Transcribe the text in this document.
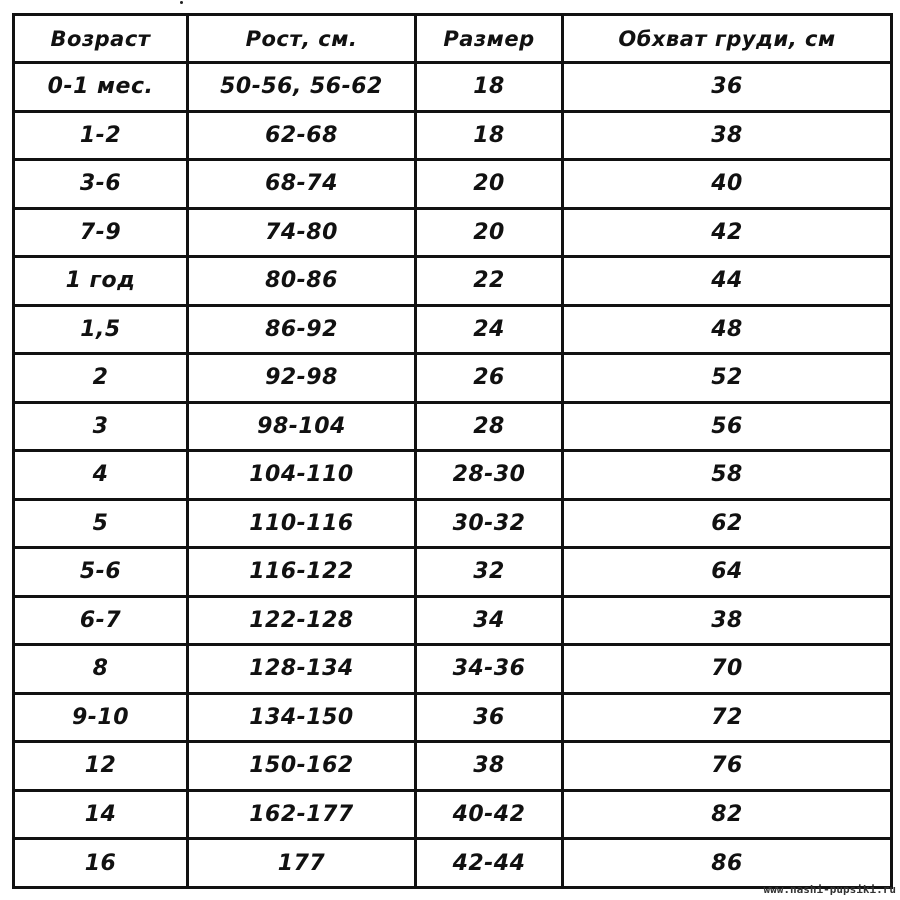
Возраст	Рост, см.	Размер	Обхват груди, см
0-1 мес.	50-56, 56-62	18	36
1-2	62-68	18	38
3-6	68-74	20	40
7-9	74-80	20	42
1 год	80-86	22	44
1,5	86-92	24	48
2	92-98	26	52
3	98-104	28	56
4	104-110	28-30	58
5	110-116	30-32	62
5-6	116-122	32	64
6-7	122-128	34	38
8	128-134	34-36	70
9-10	134-150	36	72
12	150-162	38	76
14	162-177	40-42	82
16	177	42-44	86
www.nashi-pupsiki.ru
